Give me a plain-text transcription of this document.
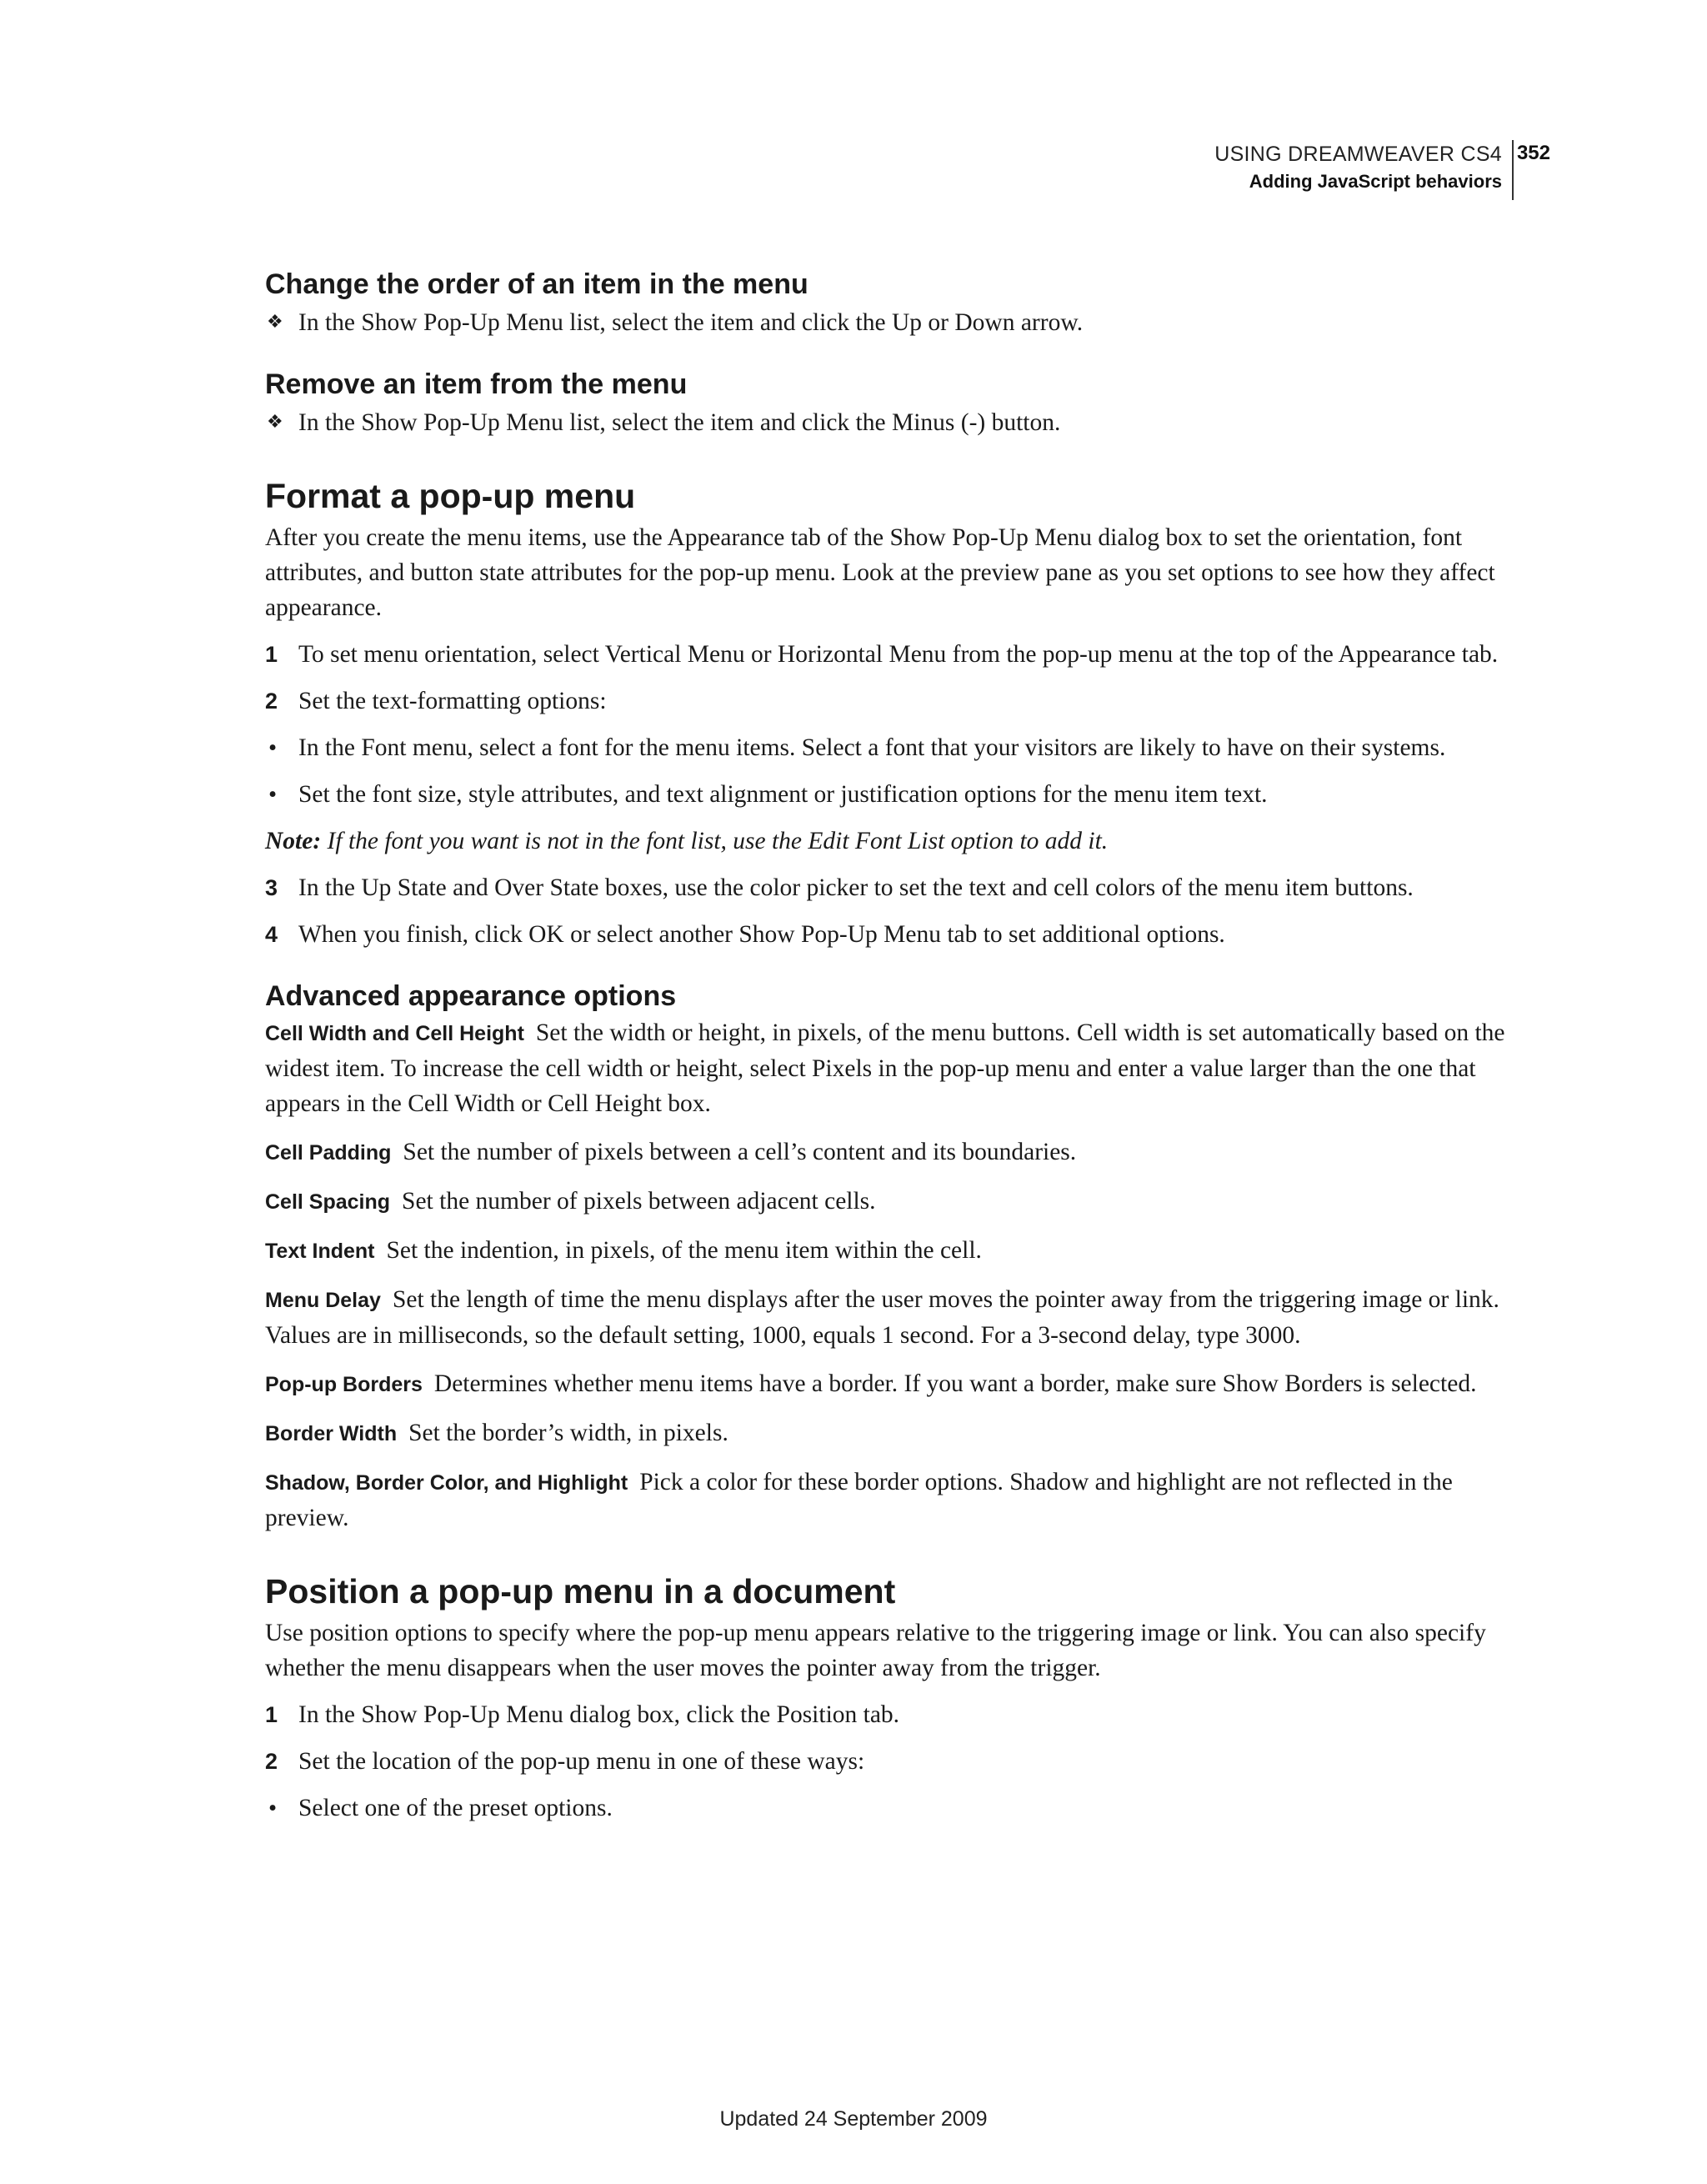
USING DREAMWEAVER CS4
Adding JavaScript behaviors
352
Change the order of an item in the menu
❖ In the Show Pop-Up Menu list, select the item and click the Up or Down arrow.
Remove an item from the menu
❖ In the Show Pop-Up Menu list, select the item and click the Minus (-) button.
Format a pop-up menu

After you create the menu items, use the Appearance tab of the Show Pop-Up Menu dialog box to set the orientation, font attributes, and button state attributes for the pop-up menu. Look at the preview pane as you set options to see how they affect appearance.

1 To set menu orientation, select Vertical Menu or Horizontal Menu from the pop-up menu at the top of the Appearance tab.
2 Set the text-formatting options:
• In the Font menu, select a font for the menu items. Select a font that your visitors are likely to have on their systems.
• Set the font size, style attributes, and text alignment or justification options for the menu item text.
Note: If the font you want is not in the font list, use the Edit Font List option to add it.
3 In the Up State and Over State boxes, use the color picker to set the text and cell colors of the menu item buttons.
4 When you finish, click OK or select another Show Pop-Up Menu tab to set additional options.
Advanced appearance options
Cell Width and Cell Height Set the width or height, in pixels, of the menu buttons. Cell width is set automatically based on the widest item. To increase the cell width or height, select Pixels in the pop-up menu and enter a value larger than the one that appears in the Cell Width or Cell Height box.
Cell Padding Set the number of pixels between a cell’s content and its boundaries.
Cell Spacing Set the number of pixels between adjacent cells.
Text Indent Set the indention, in pixels, of the menu item within the cell.
Menu Delay Set the length of time the menu displays after the user moves the pointer away from the triggering image or link. Values are in milliseconds, so the default setting, 1000, equals 1 second. For a 3-second delay, type 3000.
Pop-up Borders Determines whether menu items have a border. If you want a border, make sure Show Borders is selected.
Border Width Set the border’s width, in pixels.
Shadow, Border Color, and Highlight Pick a color for these border options. Shadow and highlight are not reflected in the preview.
Position a pop-up menu in a document

Use position options to specify where the pop-up menu appears relative to the triggering image or link. You can also specify whether the menu disappears when the user moves the pointer away from the trigger.

1 In the Show Pop-Up Menu dialog box, click the Position tab.
2 Set the location of the pop-up menu in one of these ways:
• Select one of the preset options.
Updated 24 September 2009
